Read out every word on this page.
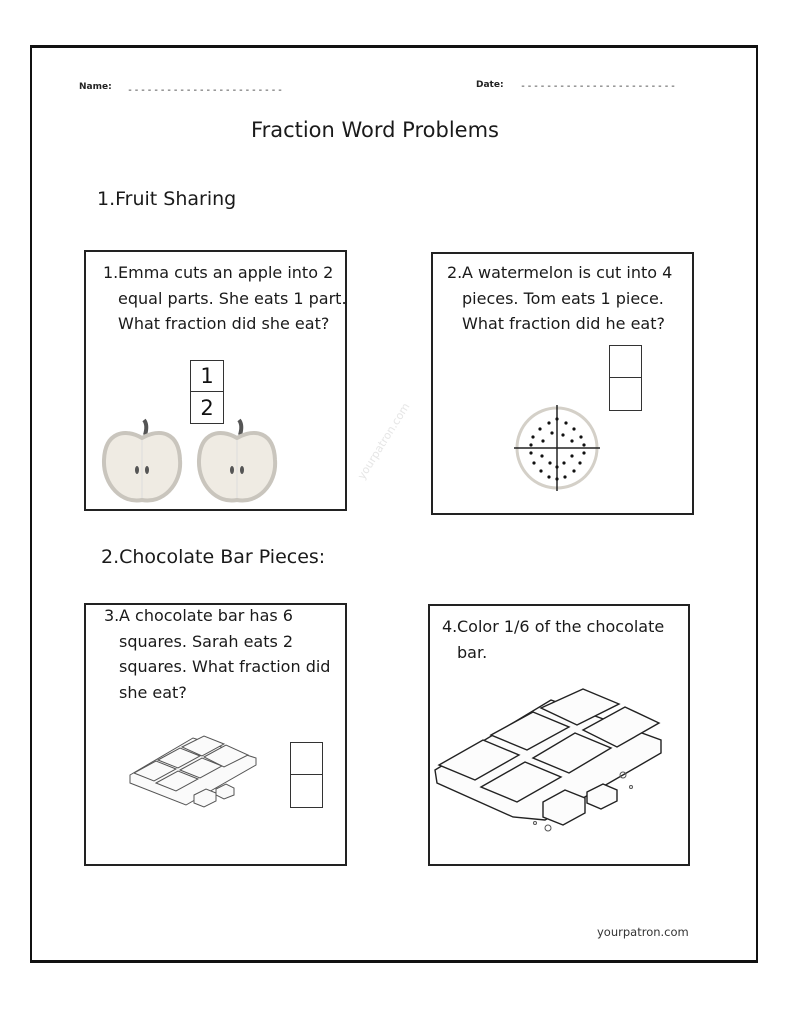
Name: ------------------------	Date: ------------------------
Fraction Word Problems
1.Fruit Sharing
yourpatron.com
1. Emma cuts an apple into 2 equal parts. She eats 1 part. What fraction did she eat?
$\frac{1}{2}$
2. A watermelon is cut into 4 pieces. Tom eats 1 piece. What fraction did he eat?
2.Chocolate Bar Pieces:
3. A chocolate bar has 6 squares. Sarah eats 2 squares. What fraction did she eat?
4. Color 1/6 of the chocolate bar.
yourpatron.com
